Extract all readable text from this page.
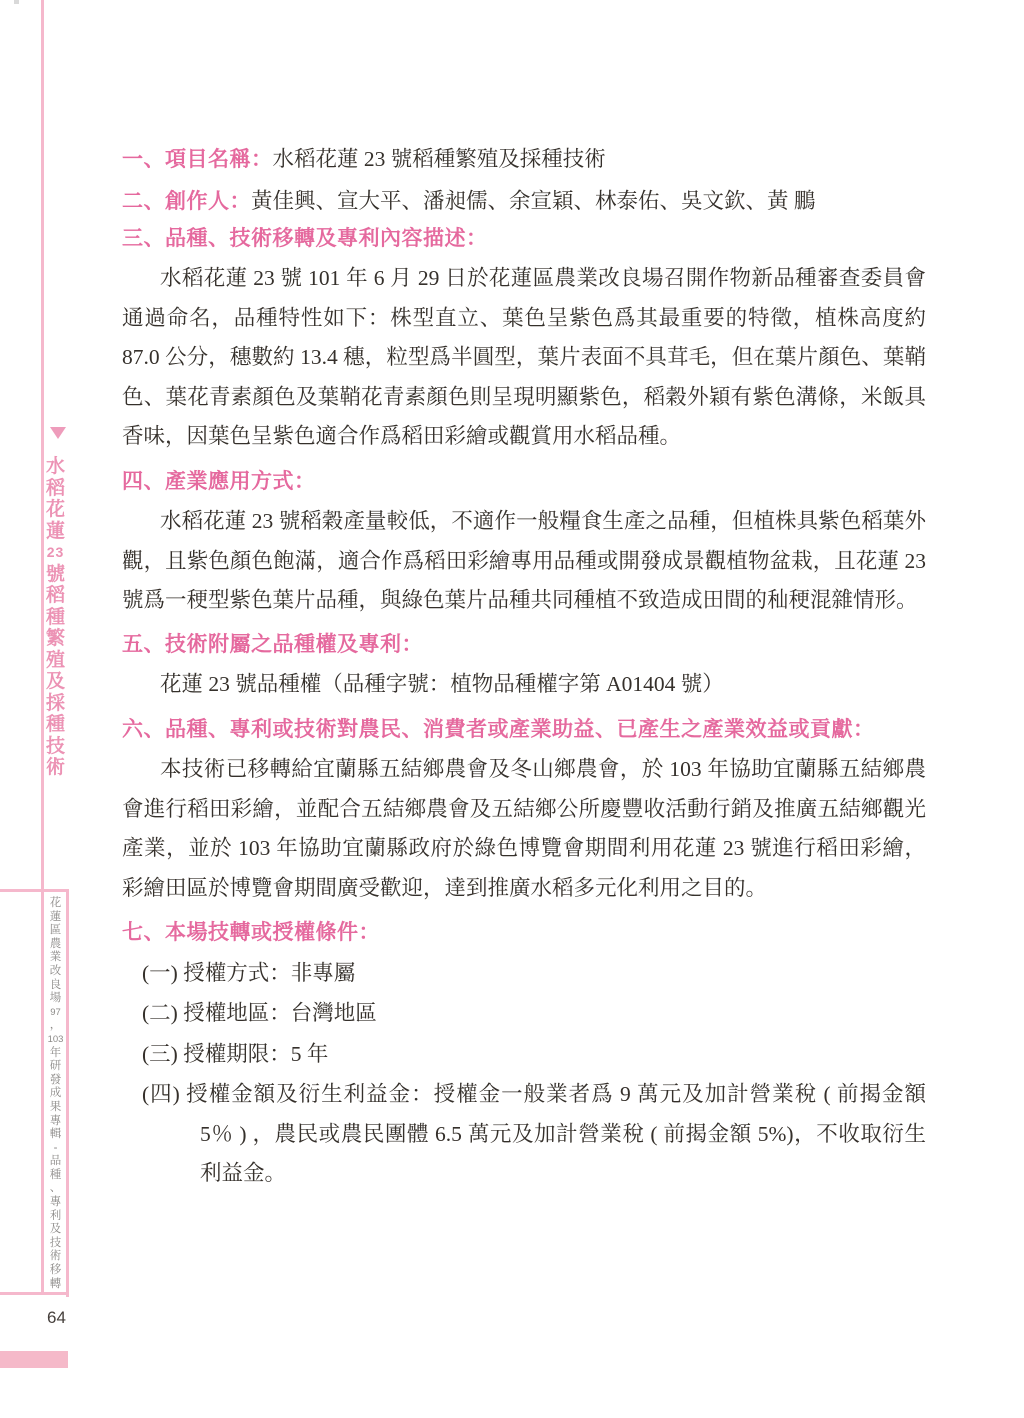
水
稻
花
蓮
23
號
稻
種
繁
殖
及
採
種
技
術
花
蓮
區
農
業
改
良
場
97
，
103
年
研
發
成
果
專
輯
-
品
種
、
專
利
及
技
術
移
轉
64
一、項目名稱：水稻花蓮 23 號稻種繁殖及採種技術
二、創作人：黃佳興、宣大平、潘昶儒、余宣穎、林泰佑、吳文欽、黃 鵬
三、品種、技術移轉及專利內容描述：

水稻花蓮 23 號 101 年 6 月 29 日於花蓮區農業改良場召開作物新品種審查委員會通過命名，品種特性如下：株型直立、葉色呈紫色爲其最重要的特徵，植株高度約 87.0 公分，穗數約 13.4 穗，粒型爲半圓型，葉片表面不具茸毛，但在葉片顏色、葉鞘色、葉花青素顏色及葉鞘花青素顏色則呈現明顯紫色，稻穀外穎有紫色溝條，米飯具香味，因葉色呈紫色適合作爲稻田彩繪或觀賞用水稻品種。

四、產業應用方式：

水稻花蓮 23 號稻穀產量較低，不適作一般糧食生產之品種，但植株具紫色稻葉外觀，且紫色顏色飽滿，適合作爲稻田彩繪專用品種或開發成景觀植物盆栽，且花蓮 23 號爲一稉型紫色葉片品種，與綠色葉片品種共同種植不致造成田間的秈稉混雜情形。

五、技術附屬之品種權及專利：

花蓮 23 號品種權（品種字號：植物品種權字第 A01404 號）

六、品種、專利或技術對農民、消費者或產業助益、已產生之產業效益或貢獻：

本技術已移轉給宜蘭縣五結鄉農會及冬山鄉農會，於 103 年協助宜蘭縣五結鄉農會進行稻田彩繪，並配合五結鄉農會及五結鄉公所慶豐收活動行銷及推廣五結鄉觀光產業，並於 103 年協助宜蘭縣政府於綠色博覽會期間利用花蓮 23 號進行稻田彩繪，彩繪田區於博覽會期間廣受歡迎，達到推廣水稻多元化利用之目的。

七、本場技轉或授權條件：

(一) 授權方式：非專屬

(二) 授權地區：台灣地區

(三) 授權期限：5 年

(四) 授權金額及衍生利益金：授權金一般業者爲 9 萬元及加計營業稅 ( 前揭金額 5％ ) ，農民或農民團體 6.5 萬元及加計營業稅 ( 前揭金額 5%)，不收取衍生利益金。
